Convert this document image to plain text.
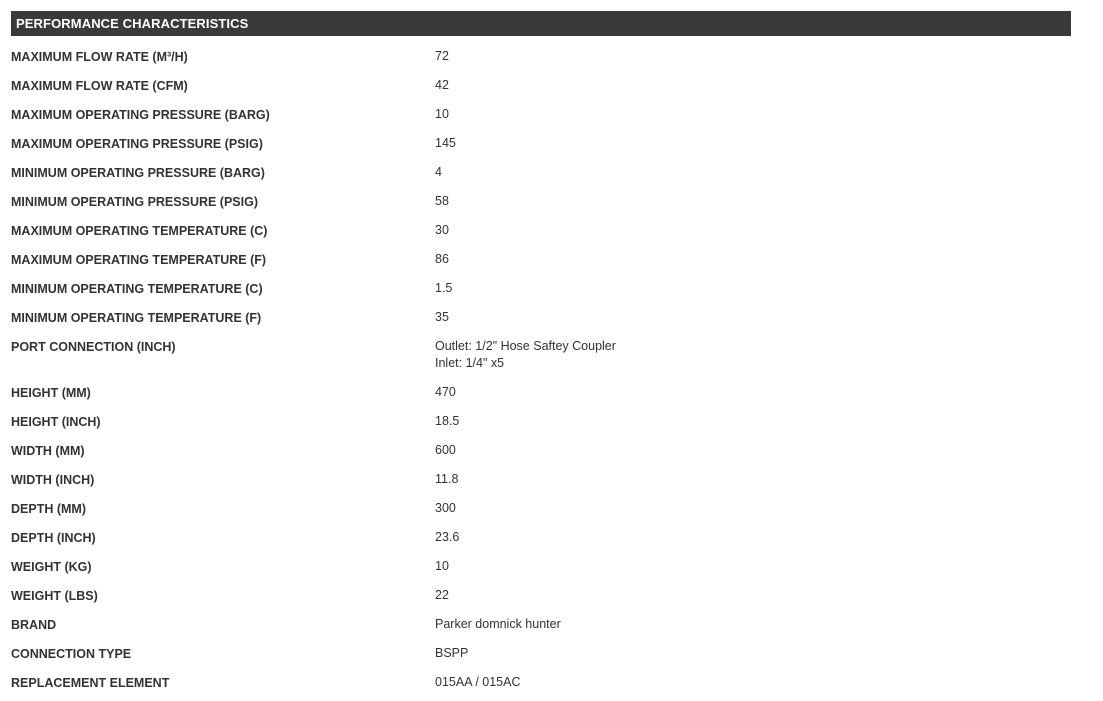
PERFORMANCE CHARACTERISTICS
MAXIMUM FLOW RATE (M³/H)	72
MAXIMUM FLOW RATE (CFM)	42
MAXIMUM OPERATING PRESSURE (BARG)	10
MAXIMUM OPERATING PRESSURE (PSIG)	145
MINIMUM OPERATING PRESSURE (BARG)	4
MINIMUM OPERATING PRESSURE (PSIG)	58
MAXIMUM OPERATING TEMPERATURE (C)	30
MAXIMUM OPERATING TEMPERATURE (F)	86
MINIMUM OPERATING TEMPERATURE (C)	1.5
MINIMUM OPERATING TEMPERATURE (F)	35
PORT CONNECTION (INCH)	Outlet: 1/2" Hose Saftey Coupler
Inlet: 1/4" x5
HEIGHT (MM)	470
HEIGHT (INCH)	18.5
WIDTH (MM)	600
WIDTH (INCH)	11.8
DEPTH (MM)	300
DEPTH (INCH)	23.6
WEIGHT (KG)	10
WEIGHT (LBS)	22
BRAND	Parker domnick hunter
CONNECTION TYPE	BSPP
REPLACEMENT ELEMENT	015AA / 015AC
